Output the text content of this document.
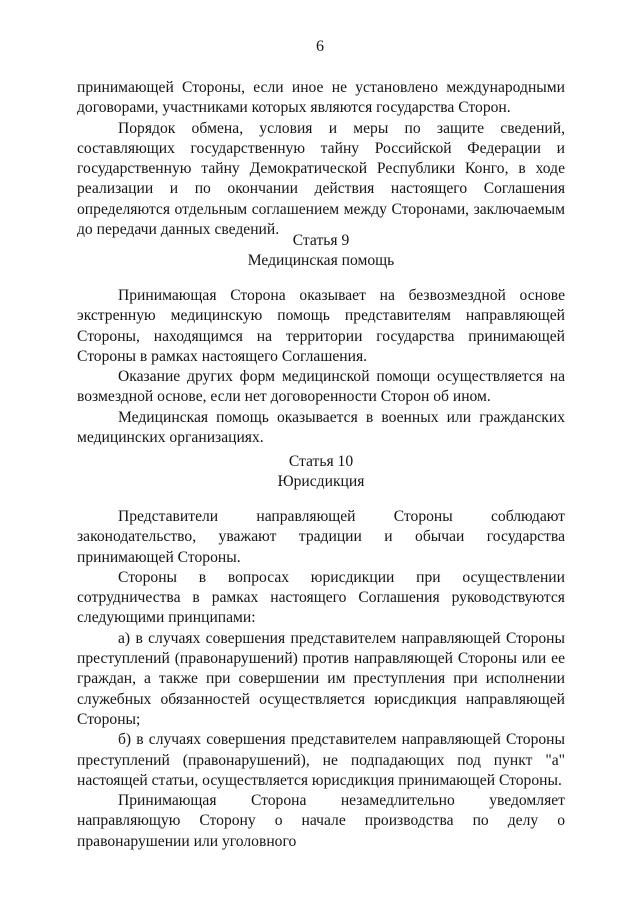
6

принимающей Стороны, если иное не установлено международными договорами, участниками которых являются государства Сторон.

Порядок обмена, условия и меры по защите сведений, составляющих государственную тайну Российской Федерации и государственную тайну Демократической Республики Конго, в ходе реализации и по окончании действия настоящего Соглашения определяются отдельным соглашением между Сторонами, заключаемым до передачи данных сведений.

Статья 9

Медицинская помощь

Принимающая Сторона оказывает на безвозмездной основе экстренную медицинскую помощь представителям направляющей Стороны, находящимся на территории государства принимающей Стороны в рамках настоящего Соглашения.

Оказание других форм медицинской помощи осуществляется на возмездной основе, если нет договоренности Сторон об ином.

Медицинская помощь оказывается в военных или гражданских медицинских организациях.

Статья 10

Юрисдикция

Представители направляющей Стороны соблюдают законодательство, уважают традиции и обычаи государства принимающей Стороны.

Стороны в вопросах юрисдикции при осуществлении сотрудничества в рамках настоящего Соглашения руководствуются следующими принципами:

а) в случаях совершения представителем направляющей Стороны преступлений (правонарушений) против направляющей Стороны или ее граждан, а также при совершении им преступления при исполнении служебных обязанностей осуществляется юрисдикция направляющей Стороны;

б) в случаях совершения представителем направляющей Стороны преступлений (правонарушений), не подпадающих под пункт "а" настоящей статьи, осуществляется юрисдикция принимающей Стороны.

Принимающая Сторона незамедлительно уведомляет направляющую Сторону о начале производства по делу о правонарушении или уголовного
